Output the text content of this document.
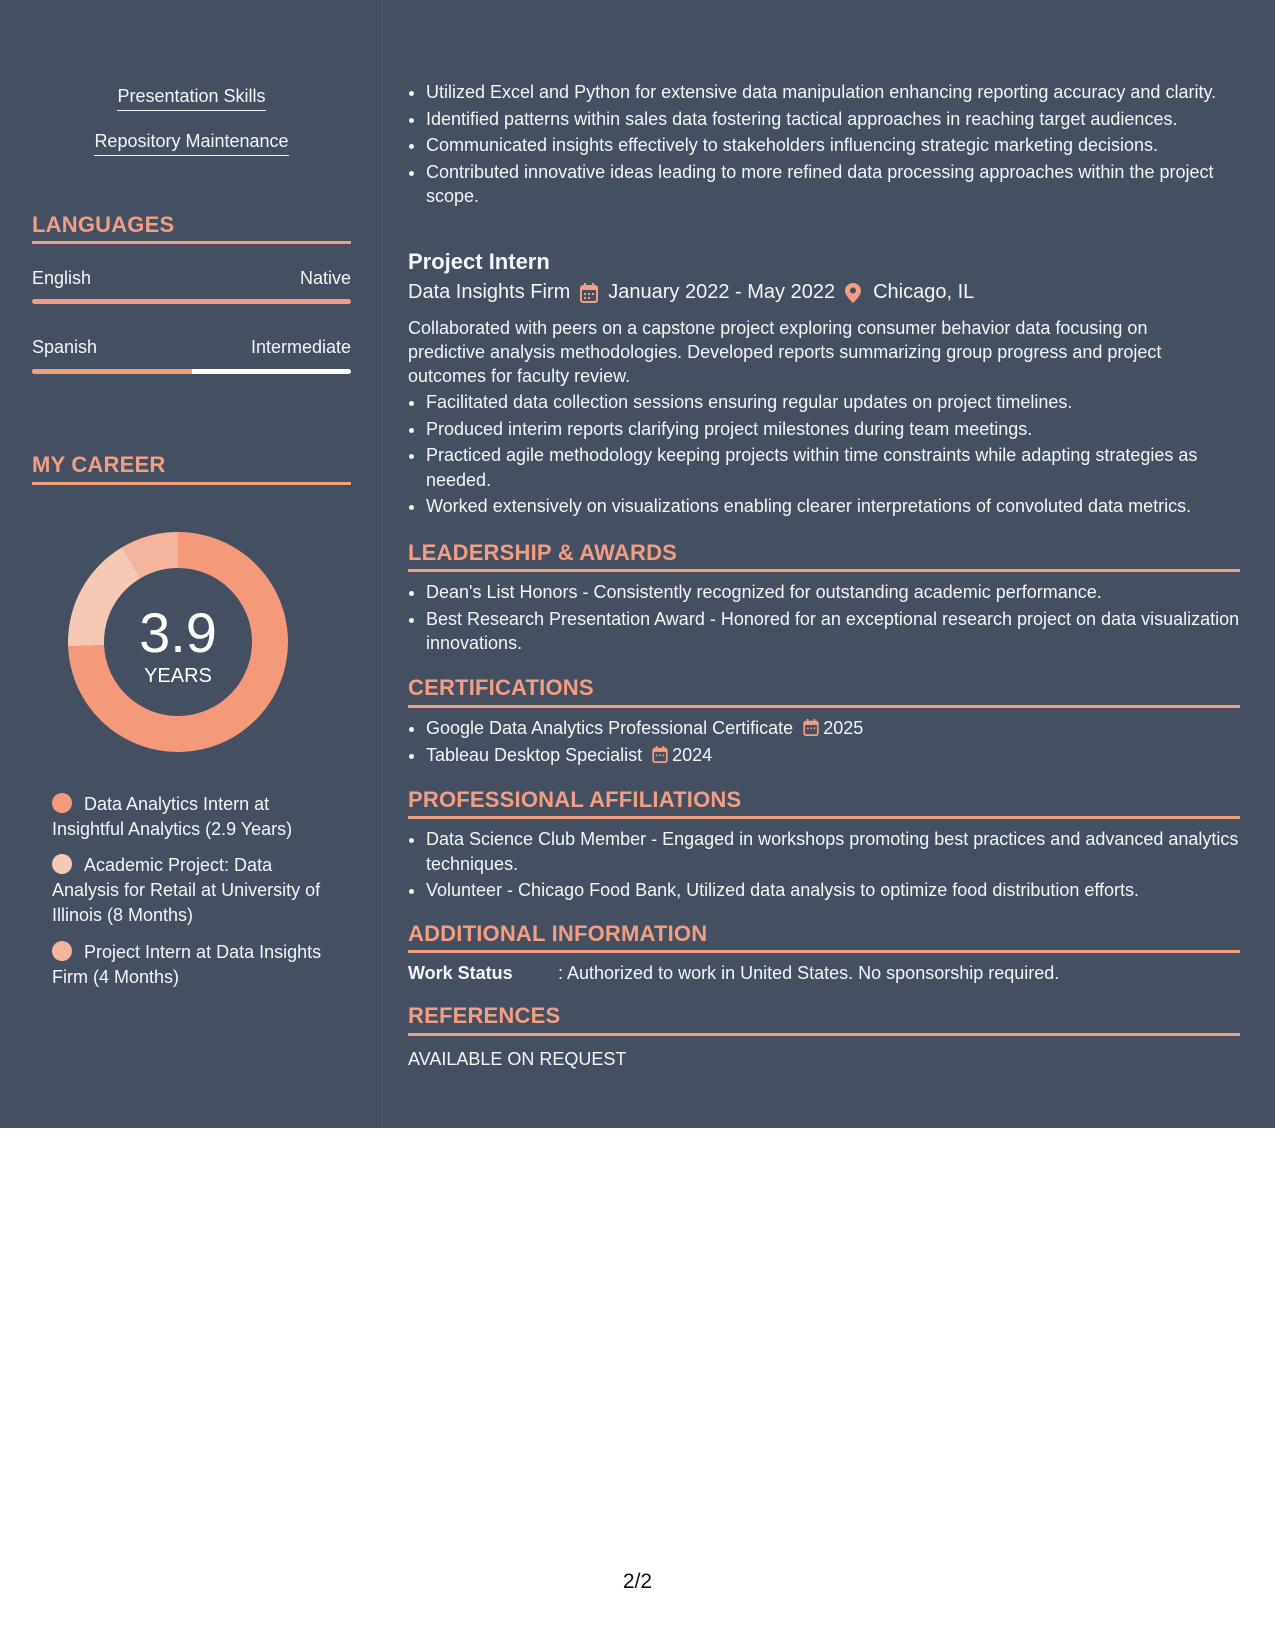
Presentation Skills
Repository Maintenance
LANGUAGES
English	Native
Spanish	Intermediate
MY CAREER
3.9
YEARS
Data Analytics Intern at Insightful Analytics (2.9 Years)
Academic Project: Data Analysis for Retail at University of Illinois (8 Months)
Project Intern at Data Insights Firm (4 Months)
• Utilized Excel and Python for extensive data manipulation enhancing reporting accuracy and clarity.
• Identified patterns within sales data fostering tactical approaches in reaching target audiences.
• Communicated insights effectively to stakeholders influencing strategic marketing decisions.
• Contributed innovative ideas leading to more refined data processing approaches within the project scope.
Project Intern
Data Insights Firm January 2022 - May 2022 Chicago, IL
Collaborated with peers on a capstone project exploring consumer behavior data focusing on predictive analysis methodologies. Developed reports summarizing group progress and project outcomes for faculty review.
• Facilitated data collection sessions ensuring regular updates on project timelines.
• Produced interim reports clarifying project milestones during team meetings.
• Practiced agile methodology keeping projects within time constraints while adapting strategies as needed.
• Worked extensively on visualizations enabling clearer interpretations of convoluted data metrics.
LEADERSHIP & AWARDS
• Dean's List Honors - Consistently recognized for outstanding academic performance.
• Best Research Presentation Award - Honored for an exceptional research project on data visualization innovations.
CERTIFICATIONS
• Google Data Analytics Professional Certificate 2025
• Tableau Desktop Specialist 2024
PROFESSIONAL AFFILIATIONS
• Data Science Club Member - Engaged in workshops promoting best practices and advanced analytics techniques.
• Volunteer - Chicago Food Bank, Utilized data analysis to optimize food distribution efforts.
ADDITIONAL INFORMATION
Work Status	: Authorized to work in United States. No sponsorship required.
REFERENCES
AVAILABLE ON REQUEST
2/2
